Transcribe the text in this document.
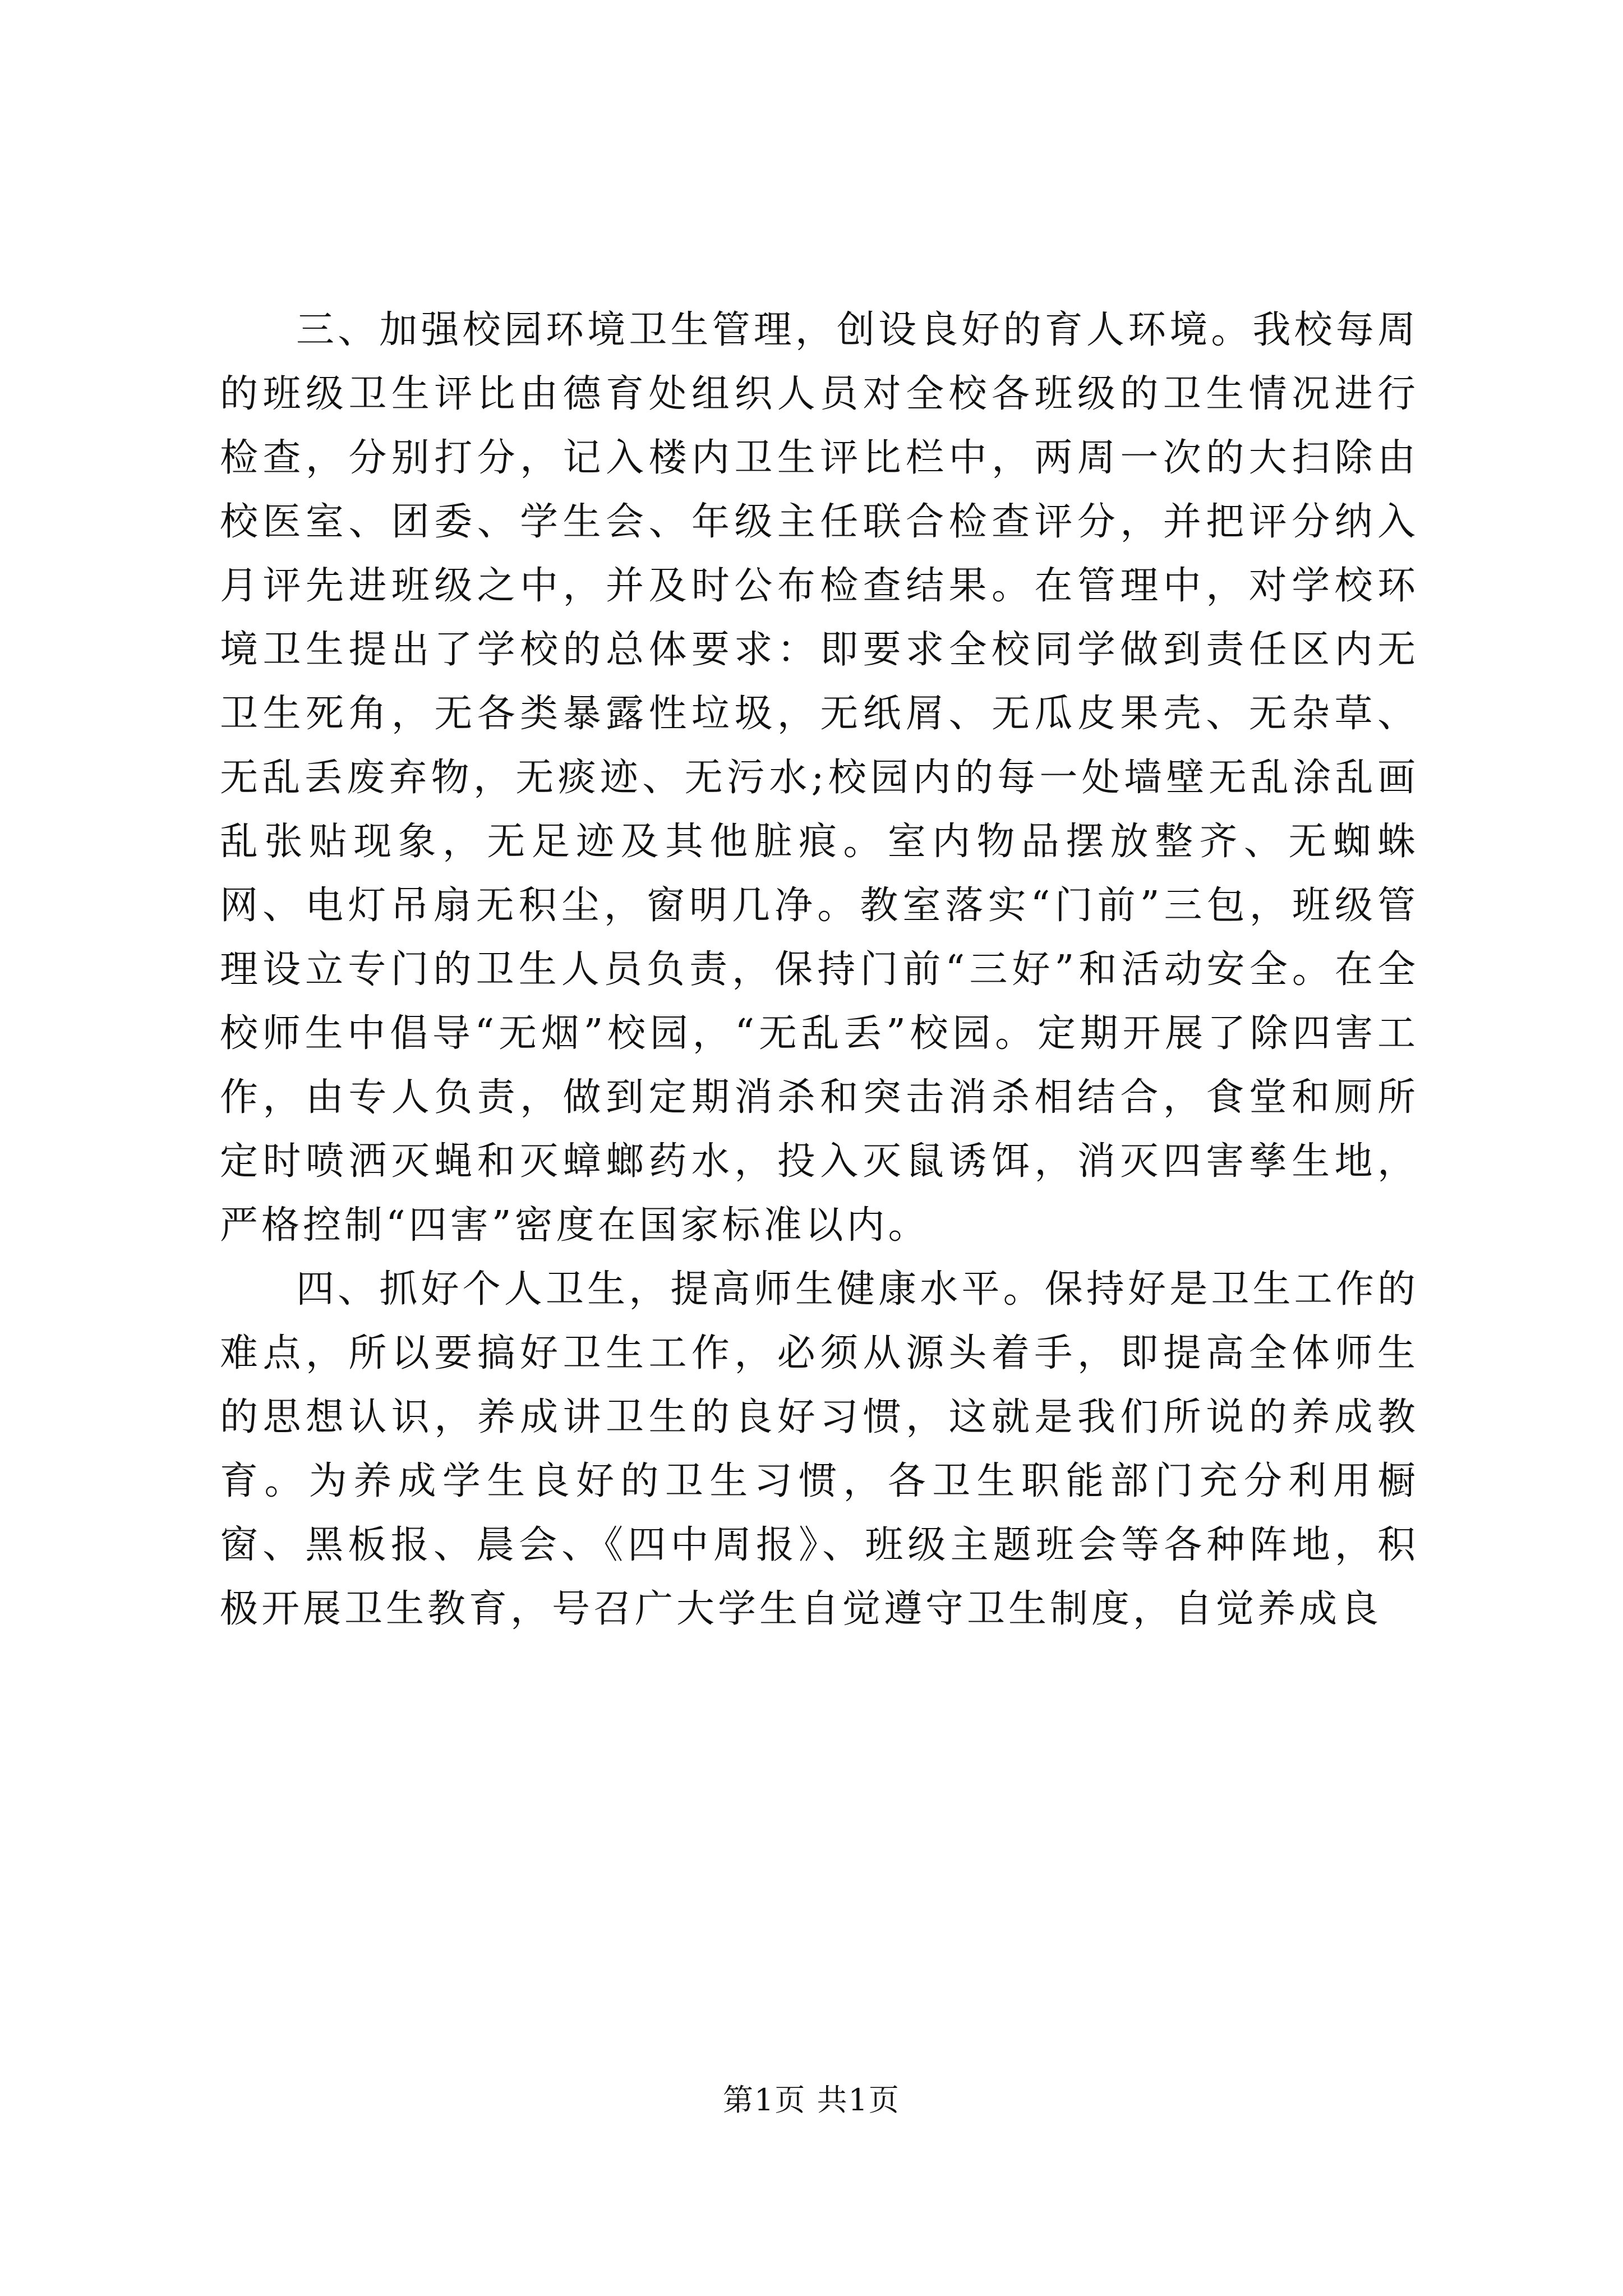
三、加强校园环境卫生管理，创设良好的育人环境。我校每周的班级卫生评比由德育处组织人员对全校各班级的卫生情况进行检查，分别打分，记入楼内卫生评比栏中，两周一次的大扫除由校医室、团委、学生会、年级主任联合检查评分，并把评分纳入月评先进班级之中，并及时公布检查结果。在管理中，对学校环境卫生提出了学校的总体要求：即要求全校同学做到责任区内无卫生死角，无各类暴露性垃圾，无纸屑、无瓜皮果壳、无杂草、无乱丢废弃物，无痰迹、无污水;校园内的每一处墙壁无乱涂乱画乱张贴现象，无足迹及其他脏痕。室内物品摆放整齐、无蜘蛛网、电灯吊扇无积尘，窗明几净。教室落实“门前”三包，班级管理设立专门的卫生人员负责，保持门前“三好”和活动安全。在全校师生中倡导“无烟”校园，“无乱丢”校园。定期开展了除四害工作，由专人负责，做到定期消杀和突击消杀相结合，食堂和厕所定时喷洒灭蝇和灭蟑螂药水，投入灭鼠诱饵，消灭四害孳生地，严格控制“四害”密度在国家标准以内。

四、抓好个人卫生，提高师生健康水平。保持好是卫生工作的难点，所以要搞好卫生工作，必须从源头着手，即提高全体师生的思想认识，养成讲卫生的良好习惯，这就是我们所说的养成教育。为养成学生良好的卫生习惯，各卫生职能部门充分利用橱窗、黑板报、晨会、《四中周报》、班级主题班会等各种阵地，积极开展卫生教育，号召广大学生自觉遵守卫生制度，自觉养成良

第1页 共1页
